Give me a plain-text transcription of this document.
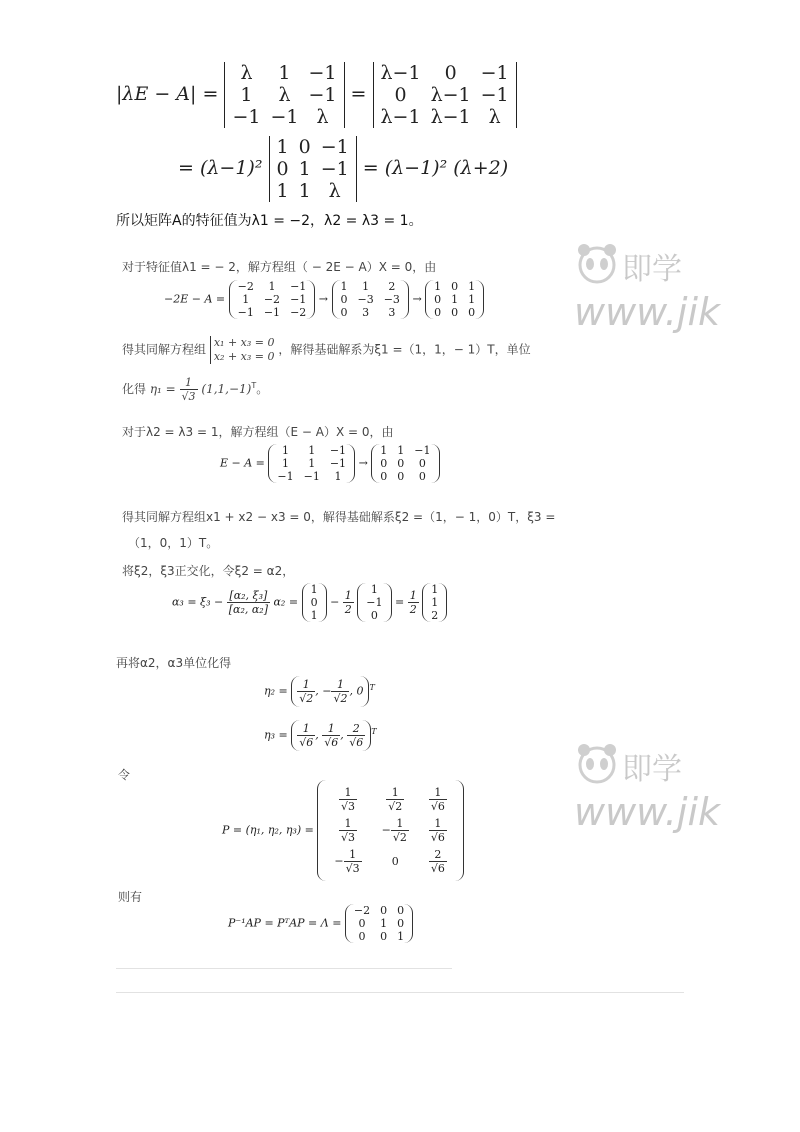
|λE − A| =
λ	1	−1
1	λ	−1
−1	−1	λ
=
λ−1	0	−1
0	λ−1	−1
λ−1	λ−1	λ
= (λ−1)²
1	0	−1
0	1	−1
1	1	λ
= (λ−1)² (λ+2)
所以矩阵A的特征值为λ1 = −2，λ2 = λ3 = 1。
对于特征值λ1 = − 2，解方程组（ − 2E − A）X = 0，由
−2E − A =
−2	1	−1
1	−2	−1
−1	−1	−2
→
1	1	2
0	−3	−3
0	3	3
→
1	0	1
0	1	1
0	0	0
得其同解方程组 x₁ + x₃ = 0
x₂ + x₃ = 0 ，解得基础解系为ξ1 =（1，1，− 1）T，单位
化得 $\eta_1 = \frac{1}{√3} (1,1,-1)^T$。
对于λ2 = λ3 = 1，解方程组（E − A）X = 0，由
E − A =
1	1	−1
1	1	−1
−1	−1	1
→
1	1	−1
0	0	0
0	0	0
得其同解方程组x1 + x2 − x3 = 0，解得基础解系ξ2 =（1，− 1，0）T，ξ3 =
（1，0，1）T。
将ξ2，ξ3正交化，令ξ2 = α2，
$\alpha_3 = \xi_3 - \frac{\text{[α₂, ξ₃]}}{\text{[α₂, α₂]}} \alpha_2$ =
1
0
1
− $\frac{1}{2}$
1
−1
0
= $\frac{1}{2}$
1
1
2
再将α2，α3单位化得
$\eta_2 = \frac{1}{√2}$ , − $\frac{1}{√2}$ , 0 $^T$
$\eta_3 = \frac{1}{√6}$ , $\frac{1}{√6}$ , $\frac{2}{√6} ^T$
令
P = (η₁, η₂, η₃) =
$\frac{1}{√3}$	$\frac{1}{√2}$	$\frac{1}{√6}$

$\frac{1}{√3}$	− $\frac{1}{√2}$	$\frac{1}{√6}$

− $\frac{1}{√3}$	0	$\frac{2}{√6}$
则有
P⁻¹AP = PᵀAP = Λ =
−2	0	0
0	1	0
0	0	1
即学
www.jik
即学
www.jik
